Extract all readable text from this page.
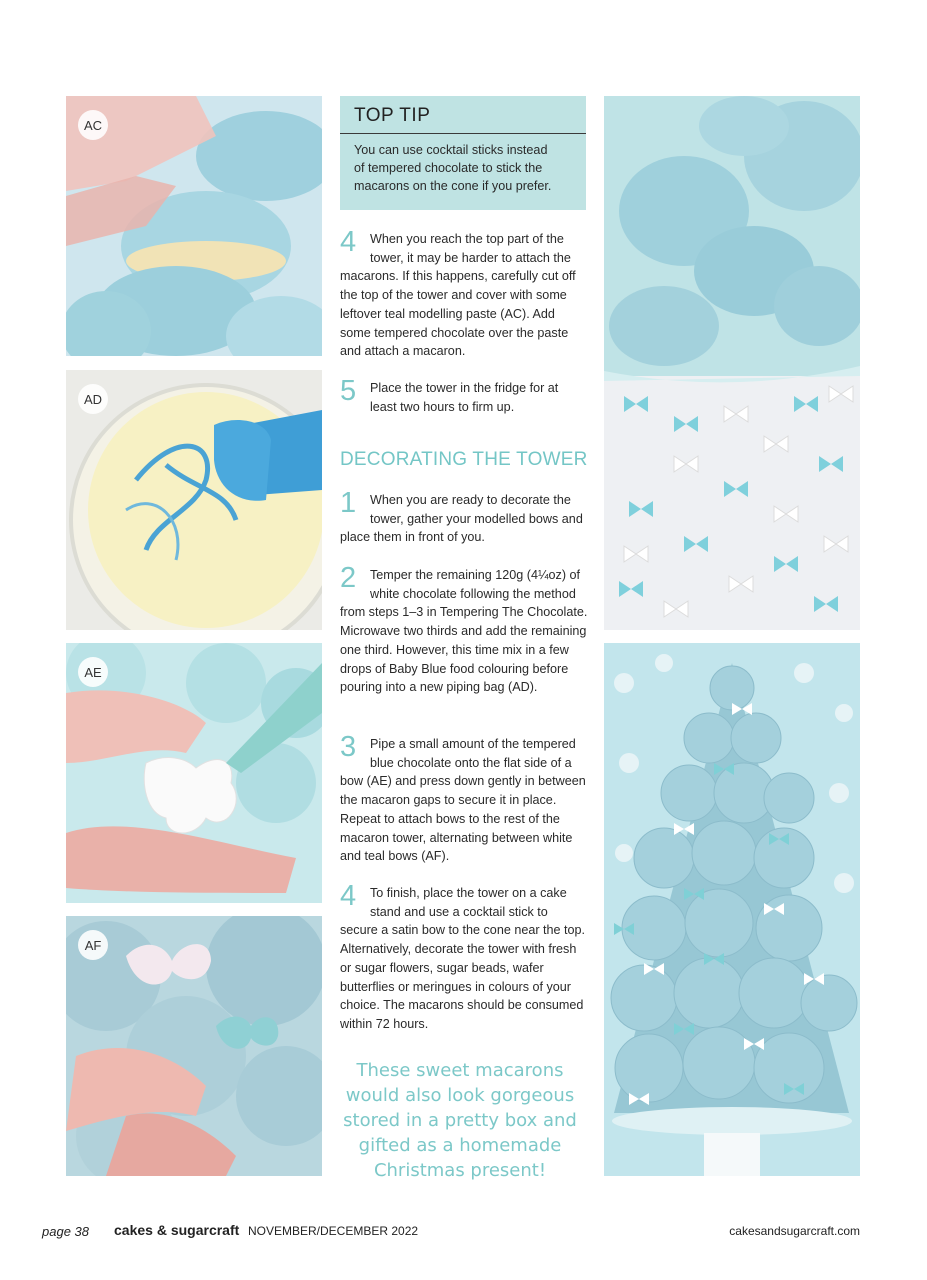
AC
AD
AE
AF
TOP TIP
You can use cocktail sticks instead
of tempered chocolate to stick the
macarons on the cone if you prefer.
4	When you reach the top part of the tower, it may be harder to attach the macarons. If this happens, carefully cut off the top of the tower and cover with some leftover teal modelling paste (AC). Add some tempered chocolate over the paste and attach a macaron.
5	Place the tower in the fridge for at least two hours to firm up.
DECORATING THE TOWER
1	When you are ready to decorate the tower, gather your modelled bows and place them in front of you.
2	Temper the remaining 120g (4¼oz) of white chocolate following the method from steps 1–3 in Tempering The Chocolate. Microwave two thirds and add the remaining one third. However, this time mix in a few drops of Baby Blue food colouring before pouring into a new piping bag (AD).
3	Pipe a small amount of the tempered blue chocolate onto the flat side of a bow (AE) and press down gently in between the macaron gaps to secure it in place. Repeat to attach bows to the rest of the macaron tower, alternating between white and teal bows (AF).
4	To finish, place the tower on a cake stand and use a cocktail stick to secure a satin bow to the cone near the top. Alternatively, decorate the tower with fresh or sugar flowers, sugar beads, wafer butterflies or meringues in colours of your choice. The macarons should be consumed within 72 hours.
These sweet macarons
would also look gorgeous
stored in a pretty box and
gifted as a homemade
Christmas present!
page 38 cakes & sugarcraft NOVEMBER/DECEMBER 2022	cakesandsugarcraft.com
